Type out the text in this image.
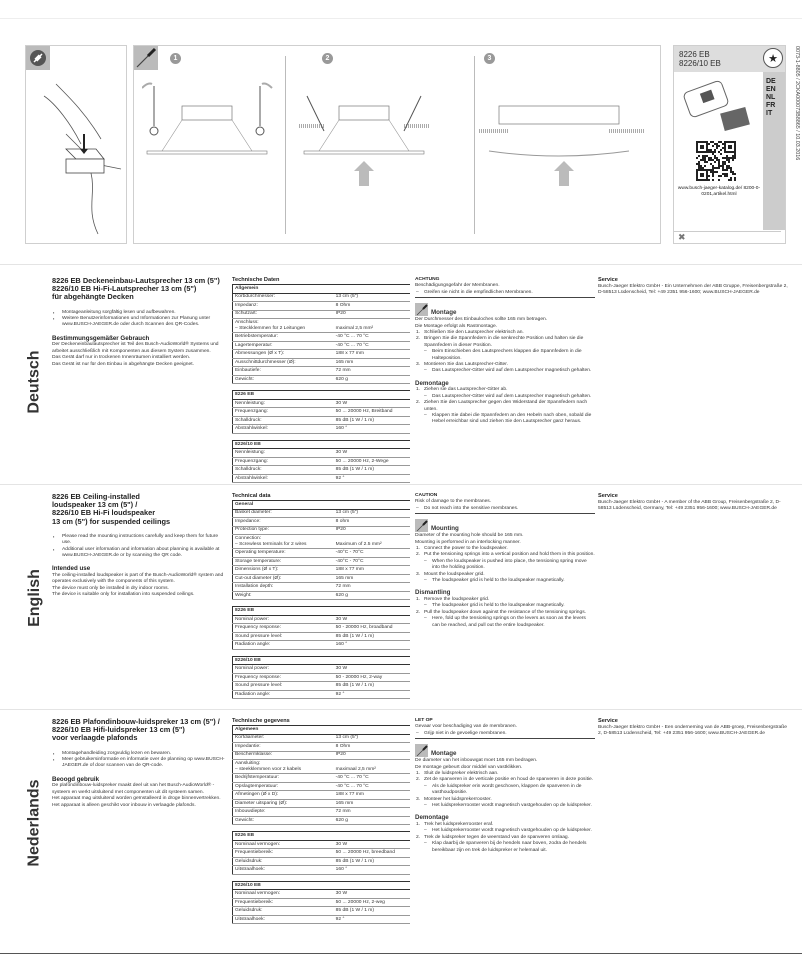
1	2	3	8226 EB
8226/10 EB	★
DE
EN
NL
FR
IT
www.busch-jaeger-katalog.de/ 8200-0-0201,artikel.html
✖
0073-1-8805 / 2CKA000073B8865 / 10.03.2016
Deutsch
8226 EB Deckeneinbau-Lautsprecher 13 cm (5")
8226/10 EB Hi-Fi-Lautsprecher 13 cm (5")
für abgehängte Decken
▪ Montageanleitung sorgfältig lesen und aufbewahren.
▪ Weitere Benutzerinformationen und Informationen zur Planung unter www.BUSCH-JAEGER.de oder durch Scannen des QR-Codes.
Bestimmungsgemäßer Gebrauch
Der Deckeneinbaulautsprecher ist Teil des Busch-AudioWorld® Systems und arbeitet ausschließlich mit Komponenten aus diesem System zusammen.
Das Gerät darf nur in trockenen Innenräumen installiert werden.
Das Gerät ist nur für den Einbau in abgehängte Decken geeignet.
Technische Daten
Allgemein	
Korbdurchmesser:	13 cm (5")
Impedanz:	8 Ohm
Schutzart:	IP20
Anschluss:
– Steckklemmen für 2 Leitungen	maximal 2,5 mm²
Betriebstemperatur:	-40 °C ... 70 °C
Lagertemperatur:	-40 °C ... 70 °C
Abmessungen (Ø x T):	188 x 77 mm
Ausschnittdurchmesser (Ø):	165 mm
Einbautiefe:	72 mm
Gewicht:	620 g
8226 EB	
Nennleistung:	30 W
Frequenzgang:	50 ... 20000 Hz, Breitband
Schalldruck:	85 dB (1 W / 1 m)
Abstrahlwinkel:	160 °
8226/10 EB	
Nennleistung:	30 W
Frequenzgang:	50 ... 20000 Hz, 2-Wege
Schalldruck:	85 dB (1 W / 1 m)
Abstrahlwinkel:	92 °
ACHTUNG
Beschädigungsgefahr der Membranen.
– Greifen sie nicht in die empfindlichen Membranen.
Montage
Der Durchmesser des Einbauloches sollte 165 mm betragen.
Die Montage erfolgt als Rastmontage.
1. Schließen Sie den Lautsprecher elektrisch an.
2. Bringen Sie die Spannfedern in die senkrechte Position und halten sie die Spannfedern in dieser Position.
– Beim Einschieben des Lautsprechers klappen die Spannfedern in die Halteposition.
3. Montieren Sie das Lautsprecher-Gitter.
– Das Lautsprecher-Gitter wird auf dem Lautsprecher magnetisch gehalten.
Demontage
1. Ziehen sie das Lautsprecher-Gitter ab.
– Das Lautsprecher-Gitter wird auf dem Lautsprecher magnetisch gehalten.
2. Ziehen Sie den Lautsprecher gegen den Widerstand der Spannfedern nach unten.
– Klappen Sie dabei die Spannfedern an den Hebeln nach oben, sobald die Hebel erreichbar sind und ziehen Sie den Lautsprecher ganz heraus.
Service
Busch-Jaeger Elektro GmbH - Ein Unternehmen der ABB Gruppe, Freisenbergstraße 2, D-58513 Lüdenscheid, Tel: +49 2351 956-1600; www.BUSCH-JAEGER.de
English
8226 EB Ceiling-installed
loudspeaker 13 cm (5") /
8226/10 EB Hi-Fi loudspeaker
13 cm (5") for suspended ceilings
▪ Please read the mounting instructions carefully and keep them for future use.
▪ Additional user information and information about planning is available at www.BUSCH-JAEGER.de or by scanning the QR code.
Intended use
The ceiling-installed loudspeaker is part of the Busch-AudioWorld® system and operates exclusively with the components of this system.
The device must only be installed in dry indoor rooms.
The device is suitable only for installation into suspended ceilings.
Technical data
General	
Basket diameter:	13 cm (5")
Impedance:	8 ohm
Protection type:	IP20
Connection:
– Screwless terminals for 2 wires	Maximum of 2.5 mm²
Operating temperature:	-40°C - 70°C
Storage temperature:	-40°C - 70°C
Dimensions (Ø x T):	188 x 77 mm
Cut-out diameter (Ø):	165 mm
Installation depth:	72 mm
Weight:	620 g
8226 EB	
Nominal power:	30 W
Frequency response:	50 - 20000 Hz, broadband
Sound pressure level:	85 dB (1 W / 1 m)
Radiation angle:	160 °
8226/10 EB	
Nominal power:	30 W
Frequency response:	50 - 20000 Hz, 2-way
Sound pressure level:	85 dB (1 W / 1 m)
Radiation angle:	92 °
CAUTION
Risk of damage to the membranes.
– Do not reach into the sensitive membranes.
Mounting
Diameter of the mounting hole should be 165 mm.
Mounting is performed in an interlocking manner.
1. Connect the power to the loudspeaker.
2. Put the tensioning springs into a vertical position and hold them in this position.
– When the loudspeaker is pushed into place, the tensioning spring move into the holding position.
3. Mount the loudspeaker grid.
– The loudspeaker grid is held to the loudspeaker magnetically.
Dismantling
1. Remove the loudspeaker grid.
– The loudspeaker grid is held to the loudspeaker magnetically.
2. Pull the loudspeaker down against the resistance of the tensioning springs.
– Here, fold up the tensioning springs on the levers as soon as the levers can be reached, and pull out the entire loudspeaker.
Service
Busch-Jaeger Elektro GmbH - A member of the ABB Group, Freisenbergstraße 2, D-58513 Lüdenscheid, Germany, Tel: +49 2351 956-1600; www.BUSCH-JAEGER.de
Nederlands
8226 EB Plafondinbouw-luidspreker 13 cm (5") /
8226/10 EB Hifi-luidspreker 13 cm (5")
voor verlaagde plafonds
▪ Montagehandleiding zorgvuldig lezen en bewaren.
▪ Meer gebruikersinformatie en informatie over de planning op www.BUSCH-JAEGER.de of door scannen van de QR-code.
Beoogd gebruik
De plafondinbouw-luidspreker maakt deel uit van het Busch-AudioWorld® -systeem en werkt uitsluitend met componenten uit dit systeem samen.
Het apparaat mag uitsluitend worden geïnstalleerd in droge binnenvertrekken.
Het apparaat is alleen geschikt voor inbouw in verlaagde plafonds.
Technische gegevens
Algemeen	
Korfdiameter:	13 cm (5")
Impedantie:	8 Ohm
Beschermklasse:	IP20
Aansluiting:
– steekklemmen voor 2 kabels	maximaal 2,5 mm²
Bedrijfstemperatuur:	-40 °C ... 70 °C
Opslagtemperatuur:	-40 °C ... 70 °C
Afmetingen (Ø x D):	188 x 77 mm
Diameter uitsparing (Ø):	165 mm
Inbouwdiepte:	72 mm
Gewicht:	620 g
8226 EB	
Nominaal vermogen:	30 W
Frequentiebereik:	50 ... 20000 Hz, breedband
Geluidsdruk:	85 dB (1 W / 1 m)
Uitstraalhoek:	160 °
8226/10 EB	
Nominaal vermogen:	30 W
Frequentiebereik:	50 ... 20000 Hz, 2-weg
Geluidsdruk:	85 dB (1 W / 1 m)
Uitstraalhoek:	92 °
LET OP
Gevaar voor beschadiging van de membranen.
– Grijp niet in de gevoelige membranen.
Montage
De diameter van het inbouwgat moet 165 mm bedragen.
De montage gebeurt door middel van vastklikken.
1. Sluit de luidspreker elektrisch aan.
2. Zet de spanveren in de verticale positie en houd de spanveren in deze positie.
– Als de luidspreker erin wordt geschoven, klappen de spanveren in de vasthoudpositie.
3. Monteer het luidsprekerrooster.
– Het luidsprekerrooster wordt magnetisch vastgehouden op de luidspreker.
Demontage
1. Trek het luidsprekerrooster eraf.
– Het luidsprekerrooster wordt magnetisch vastgehouden op de luidspreker.
2. Trek de luidspreker tegen de weerstand van de spanveren omlaag.
– Klap daarbij de spanveren bij de hendels naar boven, zodra de hendels bereikbaar zijn en trek de luidspreker er helemaal uit.
Service
Busch-Jaeger Elektro GmbH - Een onderneming van de ABB-groep, Freisenbergstraße 2, D-58513 Lüdenscheid, Tel: +49 2351 956-1600; www.BUSCH-JAEGER.de
